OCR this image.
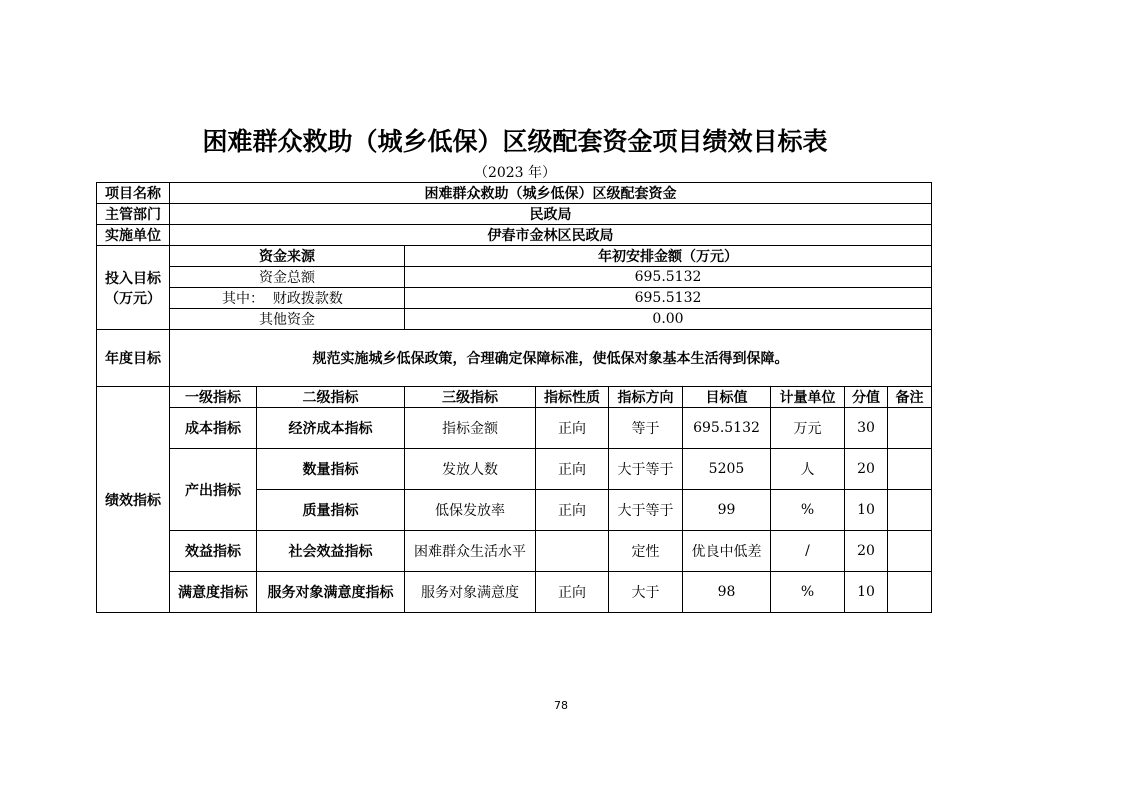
困难群众救助（城乡低保）区级配套资金项目绩效目标表
（2023 年）
项目名称	困难群众救助（城乡低保）区级配套资金								
主管部门	民政局								
实施单位	伊春市金林区民政局								

投入目标
（万元）	资金来源		年初安排金额（万元）						
	资金总额		695.5132						
	其中：  财政拨款数		695.5132						
	其他资金		0.00						
年度目标	规范实施城乡低保政策，合理确定保障标准，使低保对象基本生活得到保障。								
绩效指标	一级指标	二级指标	三级指标	指标性质	指标方向	目标值	计量单位	分值	备注
	成本指标	经济成本指标	指标金额	正向	等于	695.5132	万元	30	
	产出指标	数量指标	发放人数	正向	大于等于	5205	人	20	
		质量指标	低保发放率	正向	大于等于	99	%	10	
	效益指标	社会效益指标	困难群众生活水平		定性	优良中低差	/	20	
	满意度指标	服务对象满意度指标	服务对象满意度	正向	大于	98	%	10	
78
